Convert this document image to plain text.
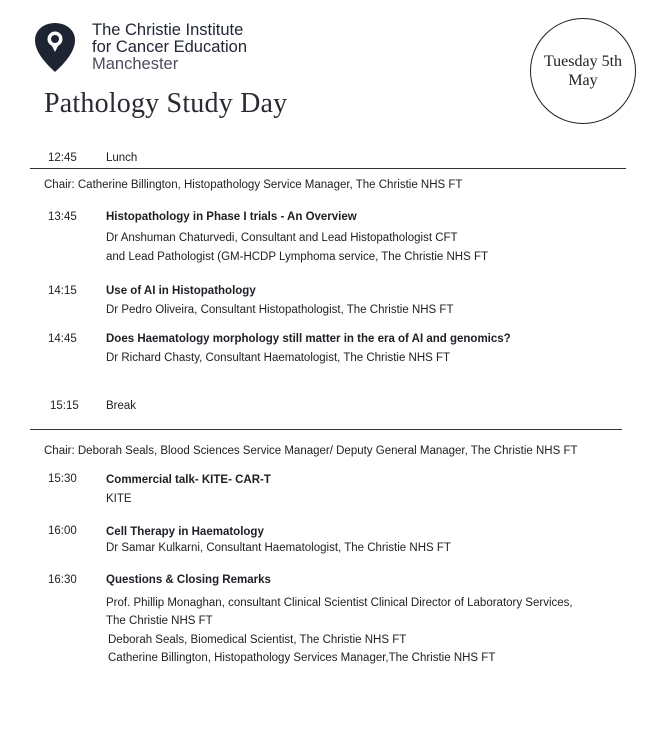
The Christie Institute
for Cancer Education
Manchester	Tuesday 5th
May
Pathology Study Day
12:45	Lunch
Chair: Catherine Billington, Histopathology Service Manager, The Christie NHS FT
13:45	Histopathology in Phase I trials - An Overview
Dr Anshuman Chaturvedi, Consultant and Lead Histopathologist CFT
and Lead Pathologist (GM-HCDP Lymphoma service, The Christie NHS FT
14:15	Use of AI in Histopathology
Dr Pedro Oliveira, Consultant Histopathologist, The Christie NHS FT
14:45	Does Haematology morphology still matter in the era of AI and genomics?
Dr Richard Chasty, Consultant Haematologist, The Christie NHS FT
15:15 Break
Chair: Deborah Seals, Blood Sciences Service Manager/ Deputy General Manager, The Christie NHS FT
15:30	Commercial talk- KITE- CAR-T
KITE
16:00	Cell Therapy in Haematology
Dr Samar Kulkarni, Consultant Haematologist, The Christie NHS FT
16:30	Questions & Closing Remarks
Prof. Phillip Monaghan, consultant Clinical Scientist Clinical Director of Laboratory Services,
The Christie NHS FT
Deborah Seals, Biomedical Scientist, The Christie NHS FT
Catherine Billington, Histopathology Services Manager,The Christie NHS FT
